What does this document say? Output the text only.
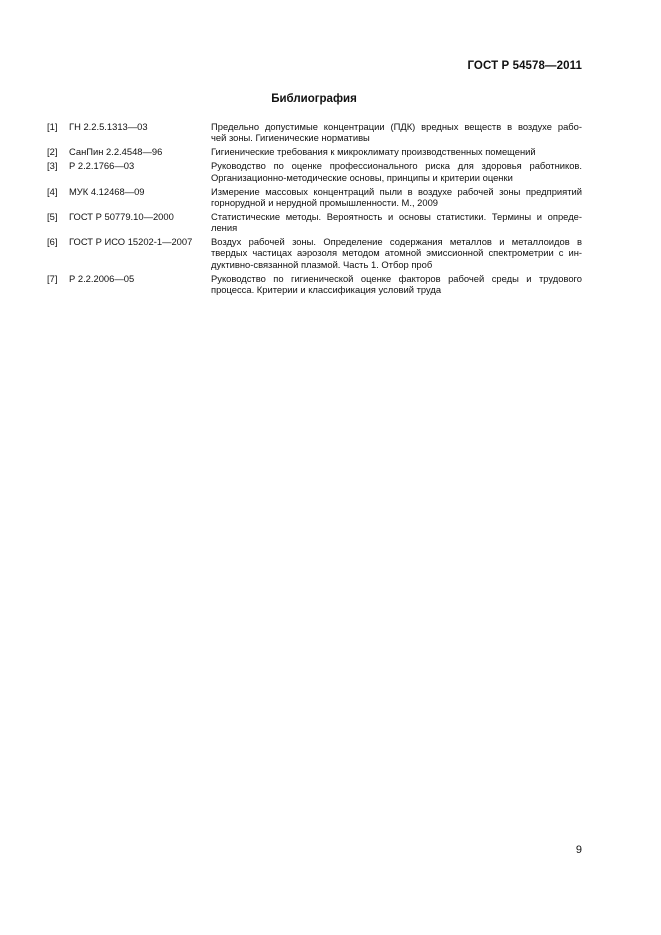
ГОСТ Р 54578—2011
Библиография
[1] ГН 2.2.5.1313—03	Предельно допустимые концентрации (ПДК) вредных веществ в воздухе рабо-
чей зоны. Гигиенические нормативы
[2] СанПин 2.2.4548—96	Гигиенические требования к микроклимату производственных помещений
[3] Р 2.2.1766—03	Руководство по оценке профессионального риска для здоровья работников.
Организационно-методические основы, принципы и критерии оценки
[4] МУК 4.12468—09	Измерение массовых концентраций пыли в воздухе рабочей зоны предприятий
горнорудной и нерудной промышленности. М., 2009
[5] ГОСТ Р 50779.10—2000	Статистические методы. Вероятность и основы статистики. Термины и опреде-
ления
[6] ГОСТ Р ИСО 15202-1—2007 Воздух рабочей зоны. Определение содержания металлов и металлоидов в
твердых частицах аэрозоля методом атомной эмиссионной спектрометрии с ин-
дуктивно-связанной плазмой. Часть 1. Отбор проб
[7] Р 2.2.2006—05	Руководство по гигиенической оценке факторов рабочей среды и трудового
процесса. Критерии и классификация условий труда
9
